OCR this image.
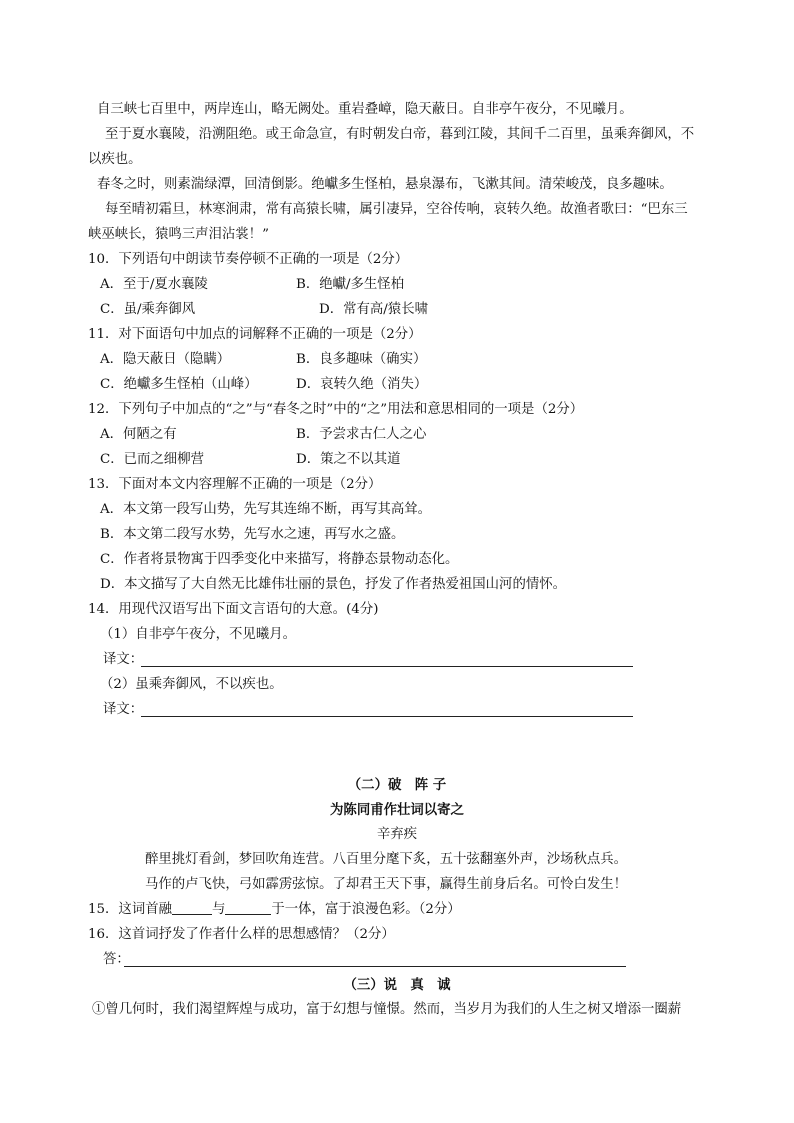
自三峡七百里中，两岸连山，略无阙处。重岩叠嶂，隐天蔽日。自非亭午夜分，不见曦月。
至于夏水襄陵，沿溯阻绝。或王命急宣，有时朝发白帝，暮到江陵，其间千二百里，虽乘奔御风，不
以疾也。
春冬之时，则素湍绿潭，回清倒影。绝巘多生怪柏，悬泉瀑布，飞漱其间。清荣峻茂，良多趣味。
每至晴初霜旦，林寒涧肃，常有高猿长啸，属引凄异，空谷传响，哀转久绝。故渔者歌曰：“巴东三
峡巫峡长，猿鸣三声泪沾裳！”
10．下列语句中朗读节奏停顿不正确的一项是（2分）
A．至于/夏水襄陵	B．绝巘/多生怪柏
C．虽/乘奔御风	D．常有高/猿长啸
11．对下面语句中加点的词解释不正确的一项是（2分）
A．隐天蔽日（隐瞒）	B．良多趣味（确实）
C．绝巘多生怪柏（山峰）	D．哀转久绝（消失）
12．下列句子中加点的“之”与“春冬之时”中的“之”用法和意思相同的一项是（2分）
A．何陋之有	B．予尝求古仁人之心
C．已而之细柳营	D．策之不以其道
13．下面对本文内容理解不正确的一项是（2分）
A．本文第一段写山势，先写其连绵不断，再写其高耸。
B．本文第二段写水势，先写水之速，再写水之盛。
C．作者将景物寓于四季变化中来描写，将静态景物动态化。
D．本文描写了大自然无比雄伟壮丽的景色，抒发了作者热爱祖国山河的情怀。
14．用现代汉语写出下面文言语句的大意。(4分)
（1）自非亭午夜分，不见曦月。
译文：
（2）虽乘奔御风，不以疾也。
译文：
（二）破　阵 子
为陈同甫作壮词以寄之
辛弃疾
醉里挑灯看剑，梦回吹角连营。八百里分麾下炙，五十弦翻塞外声，沙场秋点兵。
马作的卢飞快，弓如霹雳弦惊。了却君王天下事，赢得生前身后名。可怜白发生！
15．这词首融	与	于一体，富于浪漫色彩。（2分）
16．这首词抒发了作者什么样的思想感情？（2分）
答：
（三）说　真　诚
①曾几何时，我们渴望辉煌与成功，富于幻想与憧憬。然而，当岁月为我们的人生之树又增添一圈薪
